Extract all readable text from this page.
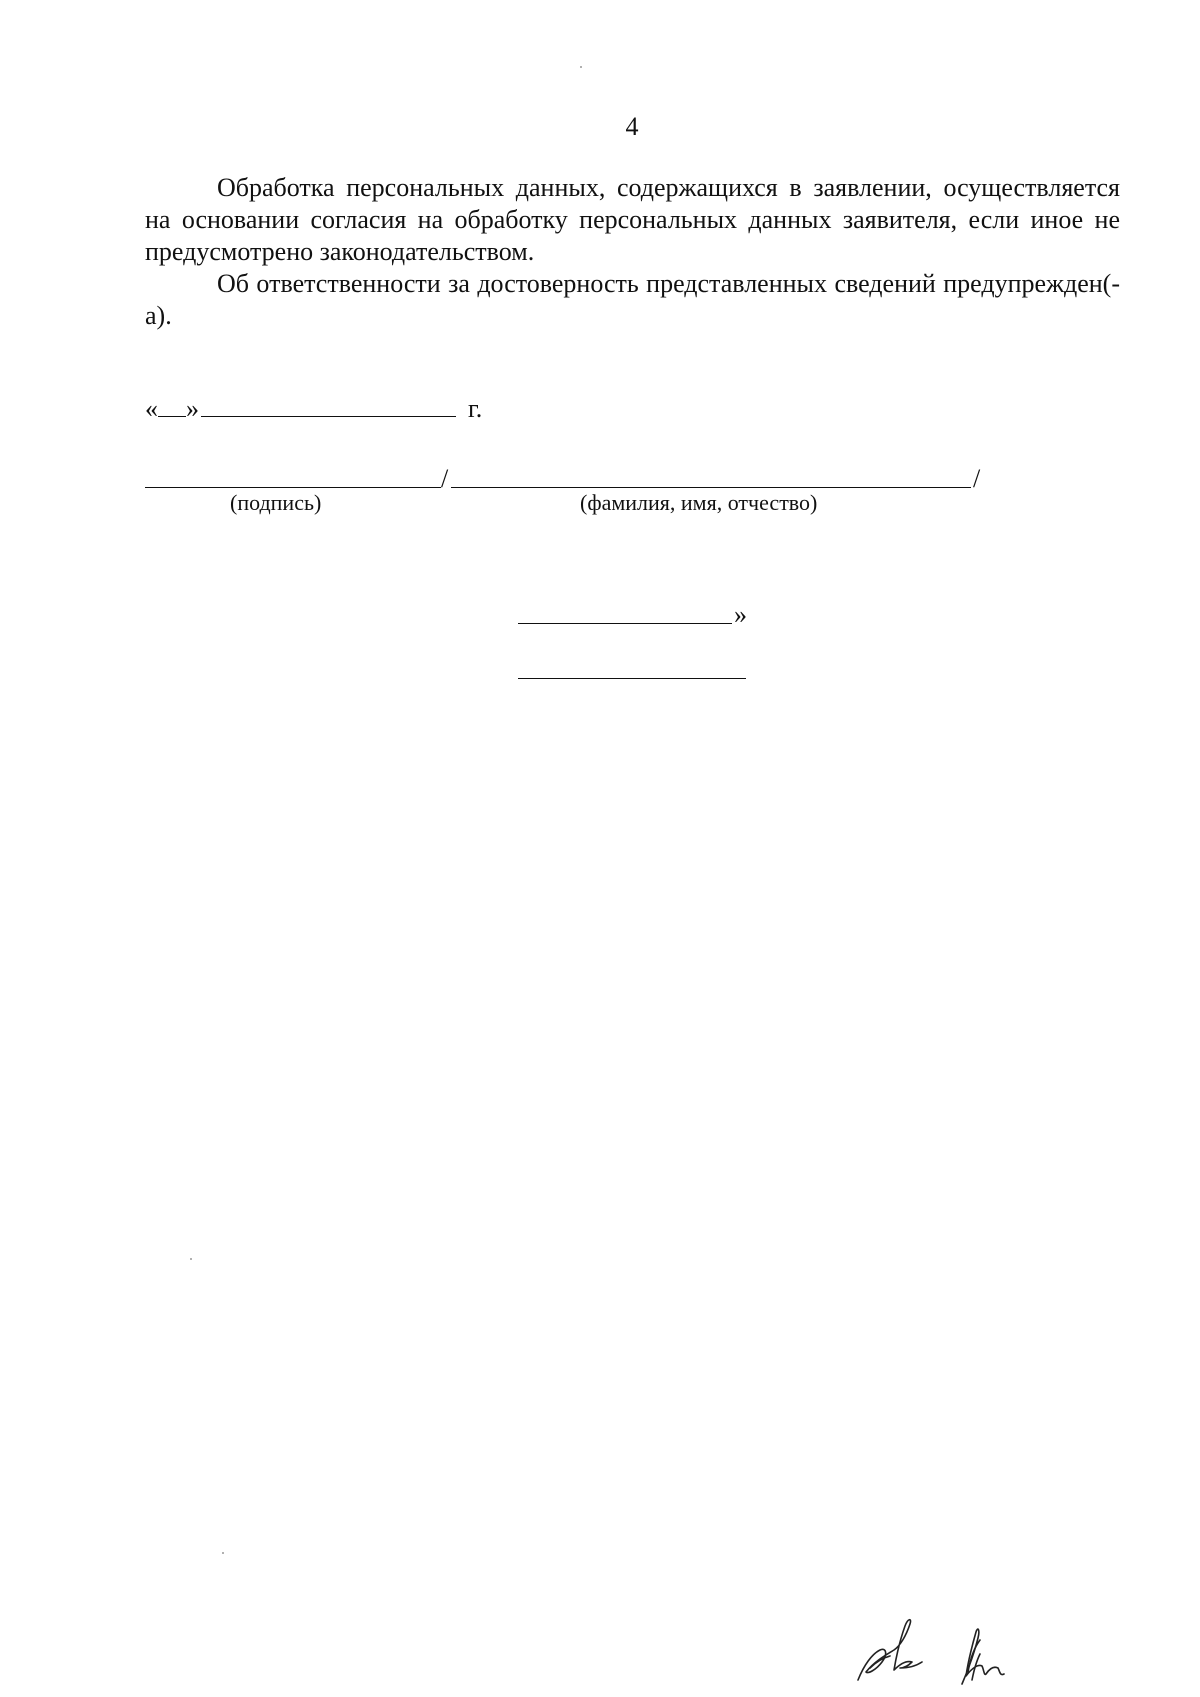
4

Обработка персональных данных, содержащихся в заявлении, осуществляется на основании согласия на обработку персональных данных заявителя, если иное не предусмотрено законодательством.

Об ответственности за достоверность представленных сведений предупрежден(-а).

« »	г.
/	/
(подпись)	(фамилия, имя, отчество)
»
